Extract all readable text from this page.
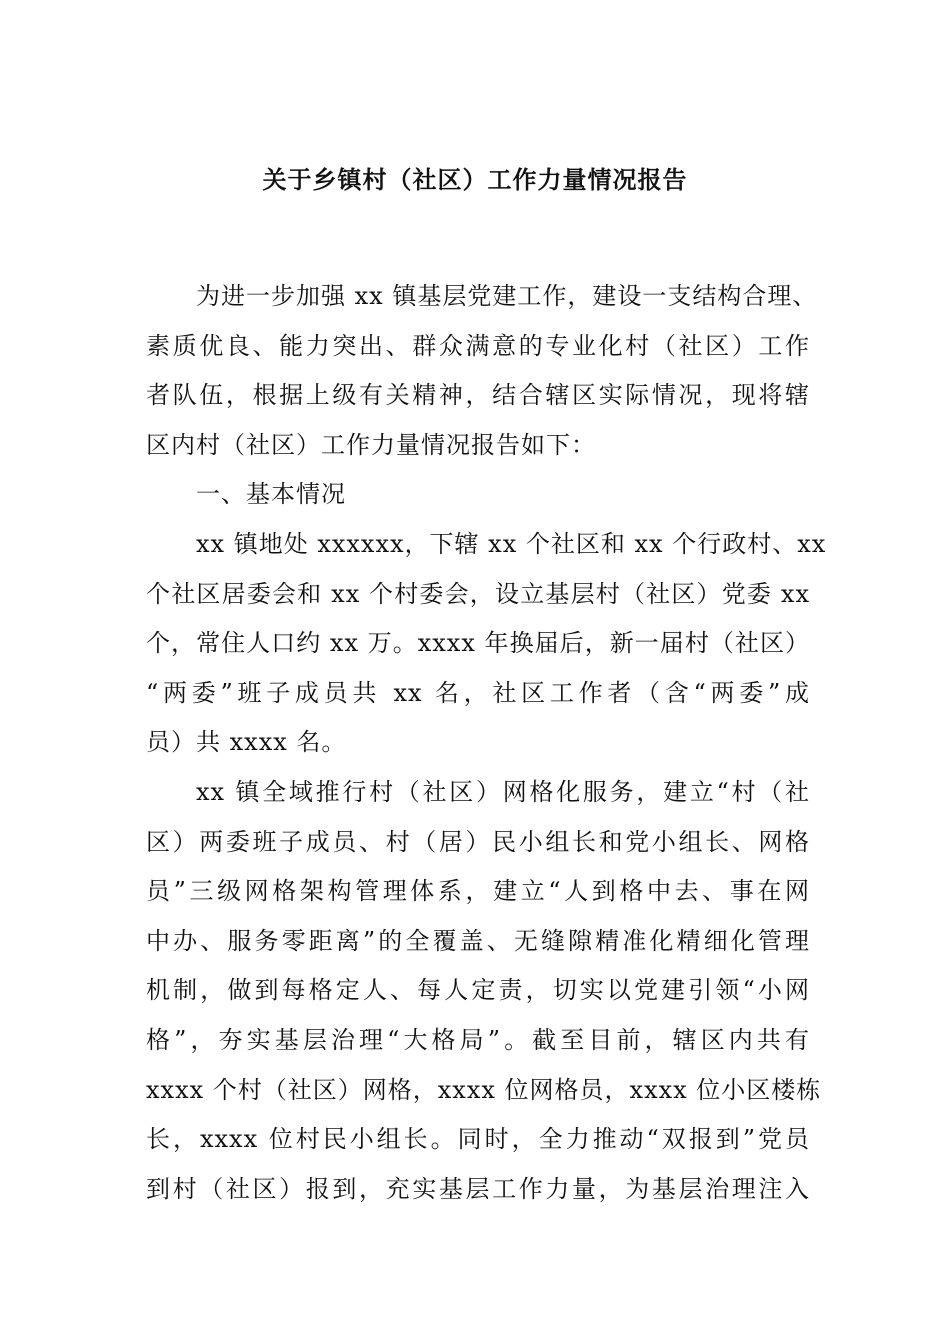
关于乡镇村（社区）工作力量情况报告
为进一步加强 xx 镇基层党建工作，建设一支结构合理、
素质优良、能力突出、群众满意的专业化村（社区）工作
者队伍，根据上级有关精神，结合辖区实际情况，现将辖
区内村（社区）工作力量情况报告如下：
一、基本情况
xx 镇地处 xxxxxx，下辖 xx 个社区和 xx 个行政村、xx
个社区居委会和 xx 个村委会，设立基层村（社区）党委 xx
个，常住人口约 xx 万。xxxx 年换届后，新一届村（社区）
“两委”班子成员共 xx 名，社区工作者（含“两委”成
员）共 xxxx 名。
xx 镇全域推行村（社区）网格化服务，建立“村（社
区）两委班子成员、村（居）民小组长和党小组长、网格
员”三级网格架构管理体系，建立“人到格中去、事在网
中办、服务零距离”的全覆盖、无缝隙精准化精细化管理
机制，做到每格定人、每人定责，切实以党建引领“小网
格”，夯实基层治理“大格局”。截至目前，辖区内共有
xxxx 个村（社区）网格，xxxx 位网格员，xxxx 位小区楼栋
长，xxxx 位村民小组长。同时，全力推动“双报到”党员
到村（社区）报到，充实基层工作力量，为基层治理注入
